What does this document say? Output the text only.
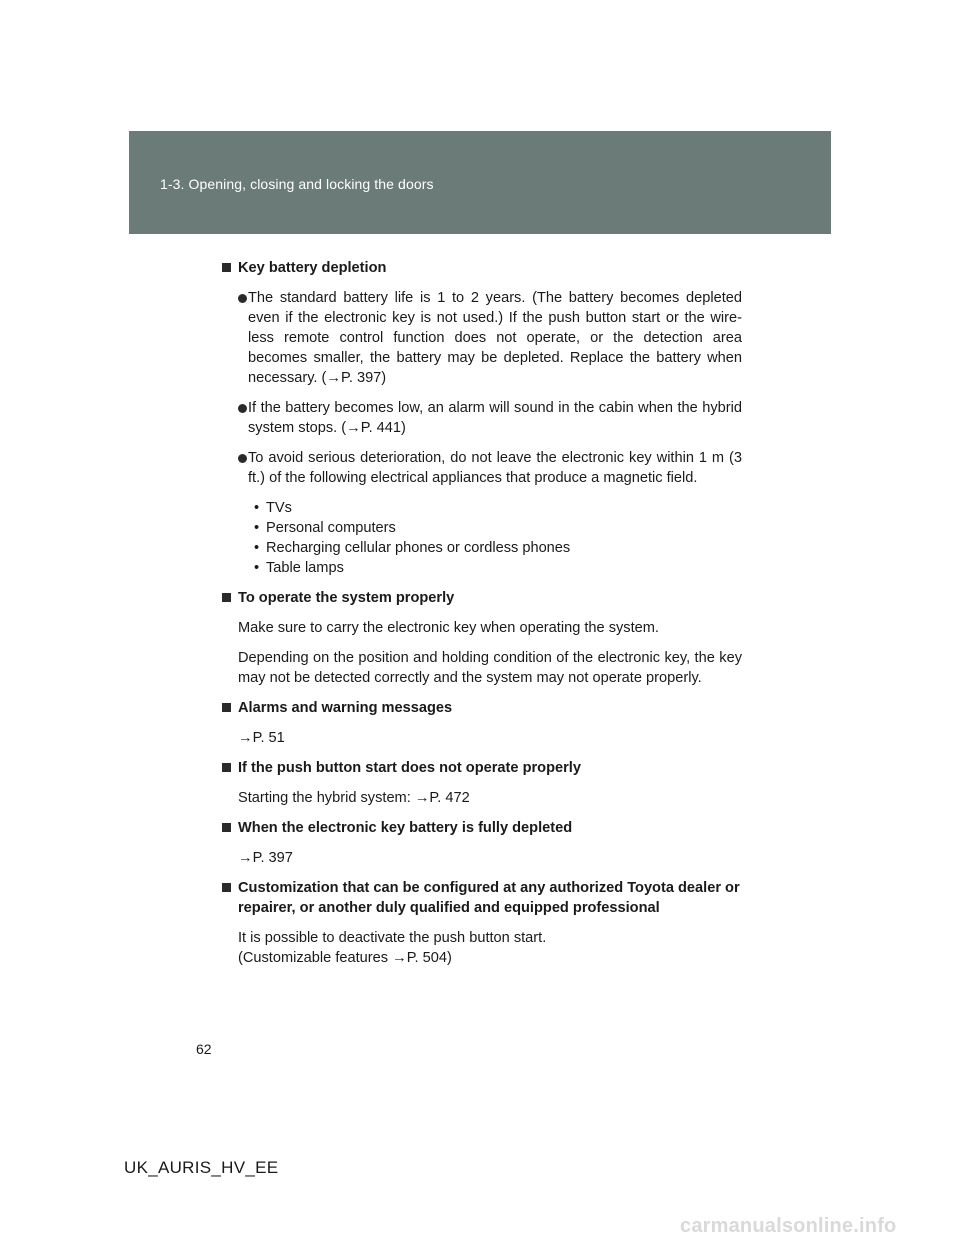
1-3. Opening, closing and locking the doors
Key battery depletion
The standard battery life is 1 to 2 years. (The battery becomes depleted even if the electronic key is not used.) If the push button start or the wire-less remote control function does not operate, or the detection area becomes smaller, the battery may be depleted. Replace the battery when necessary. (→P. 397)
If the battery becomes low, an alarm will sound in the cabin when the hybrid system stops. (→P. 441)
To avoid serious deterioration, do not leave the electronic key within 1 m (3 ft.) of the following electrical appliances that produce a magnetic field.
• TVs
• Personal computers
• Recharging cellular phones or cordless phones
• Table lamps
To operate the system properly
Make sure to carry the electronic key when operating the system.
Depending on the position and holding condition of the electronic key, the key may not be detected correctly and the system may not operate properly.
Alarms and warning messages
→P. 51
If the push button start does not operate properly
Starting the hybrid system: →P. 472
When the electronic key battery is fully depleted
→P. 397
Customization that can be configured at any authorized Toyota dealer or repairer, or another duly qualified and equipped professional
It is possible to deactivate the push button start.
(Customizable features →P. 504)
62
UK_AURIS_HV_EE
carmanualsonline.info
